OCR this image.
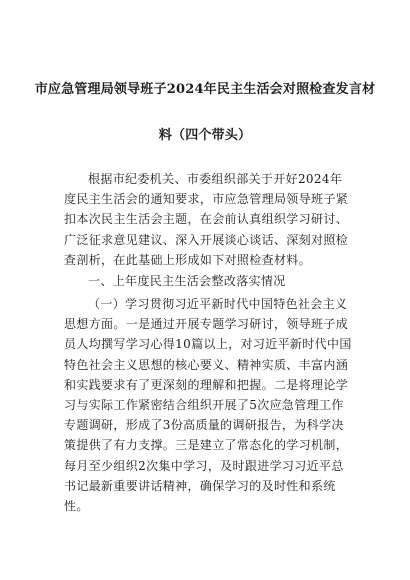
市应急管理局领导班子2024年民主生活会对照检查发言材
料（四个带头）

根据市纪委机关、市委组织部关于开好2024年度民主生活会的通知要求，市应急管理局领导班子紧扣本次民主生活会主题，在会前认真组织学习研讨、广泛征求意见建议、深入开展谈心谈话、深刻对照检查剖析，在此基础上形成如下对照检查材料。

一、上年度民主生活会整改落实情况

（一）学习贯彻习近平新时代中国特色社会主义思想方面。一是通过开展专题学习研讨，领导班子成员人均撰写学习心得10篇以上，对习近平新时代中国特色社会主义思想的核心要义、精神实质、丰富内涵和实践要求有了更深刻的理解和把握。二是将理论学习与实际工作紧密结合组织开展了5次应急管理工作专题调研，形成了3份高质量的调研报告，为科学决策提供了有力支撑。三是建立了常态化的学习机制，每月至少组织2次集中学习，及时跟进学习习近平总书记最新重要讲话精神，确保学习的及时性和系统性。
